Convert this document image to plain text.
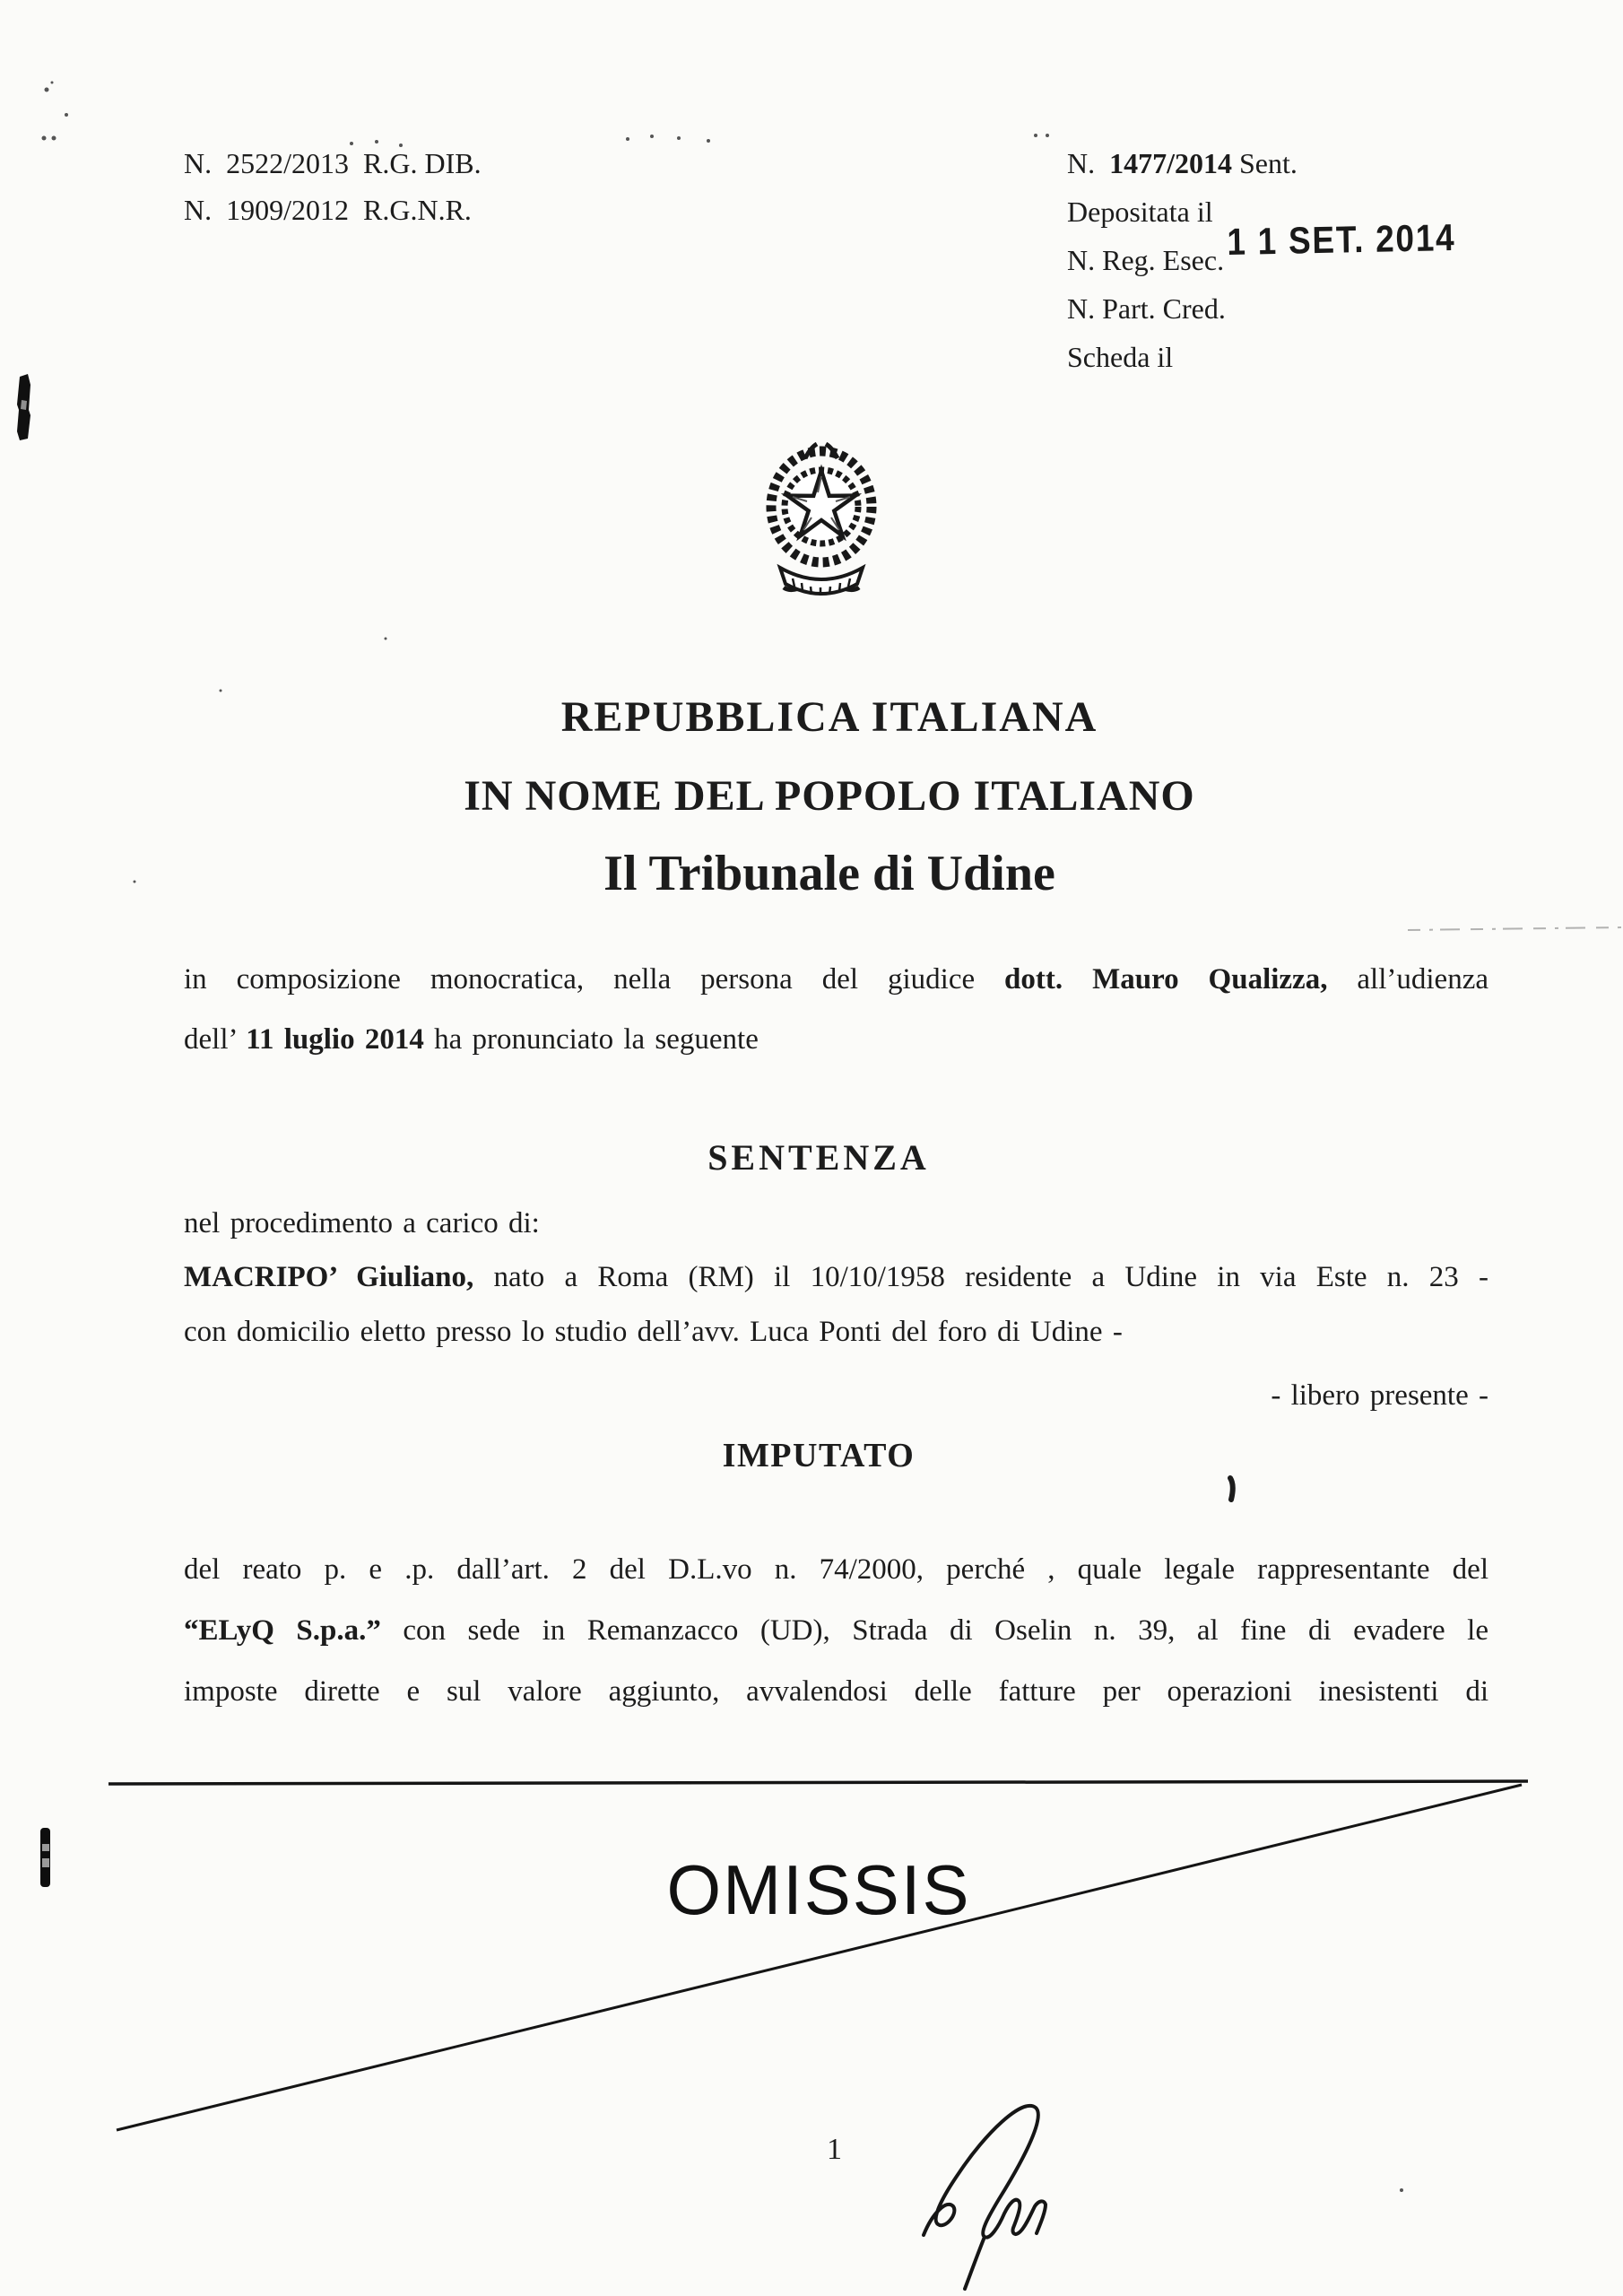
N.  2522/2013  R.G. DIB.
N.  1909/2012  R.G.N.R.
N.  1477/2014 Sent.
Depositata il
N. Reg. Esec.
N. Part. Cred.
Scheda il
1 1 SET. 2014
REPUBBLICA ITALIANA
IN NOME DEL POPOLO ITALIANO
Il Tribunale di Udine
in composizione monocratica, nella persona del giudice dott. Mauro Qualizza, all’udienza
dell’ 11 luglio 2014 ha pronunciato la seguente
SENTENZA
nel procedimento a carico di:
MACRIPO’ Giuliano, nato a Roma (RM) il 10/10/1958 residente a Udine in via Este n. 23 -
con domicilio eletto presso lo studio dell’avv. Luca Ponti del foro di Udine -
- libero presente -
IMPUTATO
del reato p. e .p. dall’art. 2 del D.L.vo n. 74/2000, perché , quale legale rappresentante del
“ELyQ S.p.a.” con sede in Remanzacco (UD), Strada di Oselin n. 39, al fine di evadere le
imposte dirette e sul valore aggiunto, avvalendosi delle fatture per operazioni inesistenti di
OMISSIS
1
